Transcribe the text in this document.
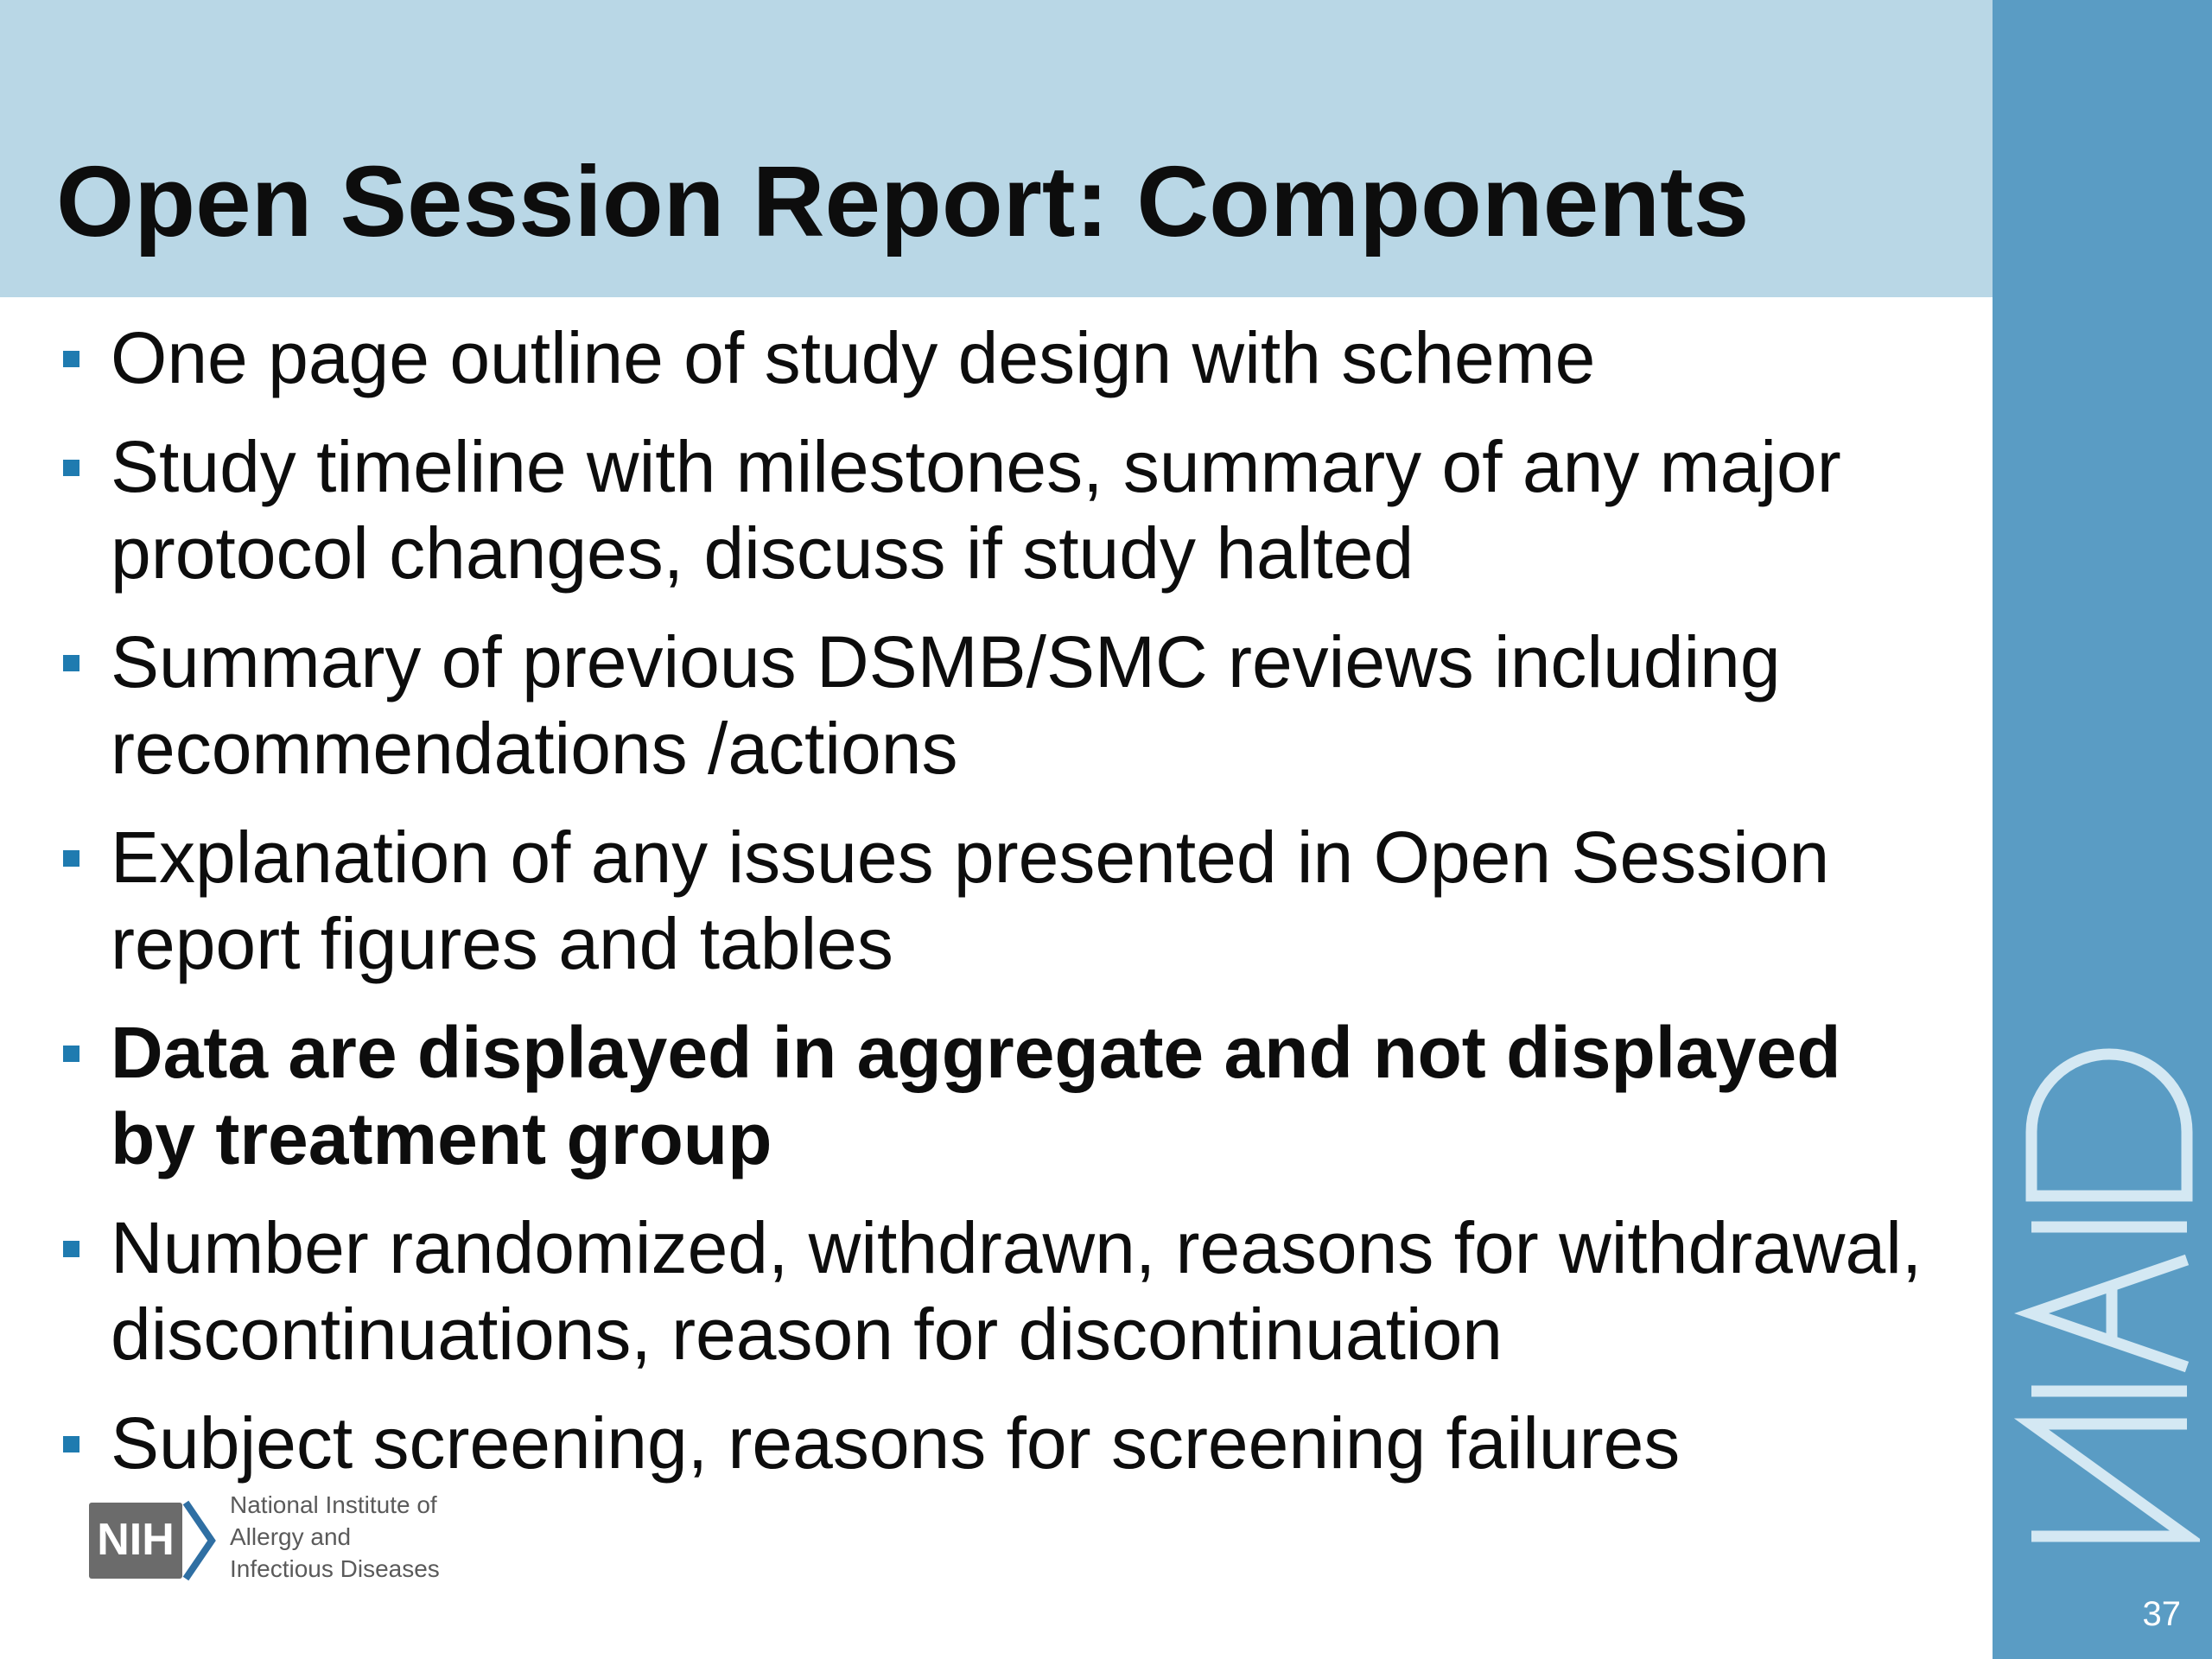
Open Session Report: Components
37
One page outline of study design with scheme
Study timeline with milestones, summary of any major
protocol changes, discuss if study halted
Summary of previous DSMB/SMC reviews including
recommendations /actions
Explanation of any issues presented in Open Session
report figures and tables
Data are displayed in aggregate and not displayed
by treatment group
Number randomized, withdrawn, reasons for withdrawal,
discontinuations, reason for discontinuation
Subject screening, reasons for screening failures
NIH
National Institute of
Allergy and
Infectious Diseases
